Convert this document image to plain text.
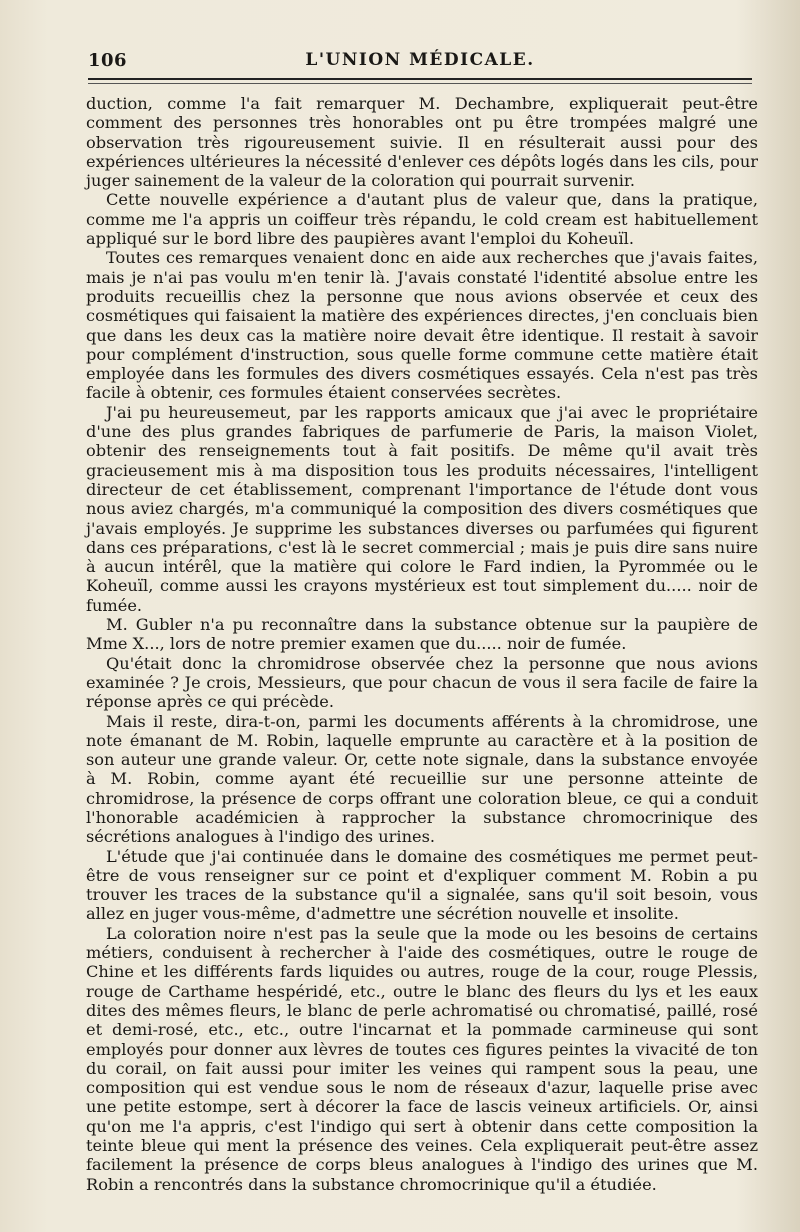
106	L'UNION MÉDICALE.

duction, comme l'a fait remarquer M. Dechambre, expliquerait peut-être comment des personnes très honorables ont pu être trompées malgré une observation très rigoureusement suivie. Il en résulterait aussi pour des expériences ultérieures la nécessité d'enlever ces dépôts logés dans les cils, pour juger sainement de la valeur de la coloration qui pourrait survenir.

Cette nouvelle expérience a d'autant plus de valeur que, dans la pratique, comme me l'a appris un coiffeur très répandu, le cold cream est habituellement appliqué sur le bord libre des paupières avant l'emploi du Koheuïl.

Toutes ces remarques venaient donc en aide aux recherches que j'avais faites, mais je n'ai pas voulu m'en tenir là. J'avais constaté l'identité absolue entre les produits recueillis chez la personne que nous avions observée et ceux des cosmétiques qui faisaient la matière des expériences directes, j'en concluais bien que dans les deux cas la matière noire devait être identique. Il restait à savoir pour complément d'instruction, sous quelle forme commune cette matière était employée dans les formules des divers cosmétiques essayés. Cela n'est pas très facile à obtenir, ces formules étaient conservées secrètes.

J'ai pu heureusemeut, par les rapports amicaux que j'ai avec le propriétaire d'une des plus grandes fabriques de parfumerie de Paris, la maison Violet, obtenir des renseignements tout à fait positifs. De même qu'il avait très gracieusement mis à ma disposition tous les produits nécessaires, l'intelligent directeur de cet établissement, comprenant l'importance de l'étude dont vous nous aviez chargés, m'a communiqué la composition des divers cosmétiques que j'avais employés. Je supprime les substances diverses ou parfumées qui figurent dans ces préparations, c'est là le secret commercial ; mais je puis dire sans nuire à aucun intérêl, que la matière qui colore le Fard indien, la Pyrommée ou le Koheuïl, comme aussi les crayons mystérieux est tout simplement du..... noir de fumée.

M. Gubler n'a pu reconnaître dans la substance obtenue sur la paupière de Mme X..., lors de notre premier examen que du..... noir de fumée.

Qu'était donc la chromidrose observée chez la personne que nous avions examinée ? Je crois, Messieurs, que pour chacun de vous il sera facile de faire la réponse après ce qui précède.

Mais il reste, dira-t-on, parmi les documents afférents à la chromidrose, une note émanant de M. Robin, laquelle emprunte au caractère et à la position de son auteur une grande valeur. Or, cette note signale, dans la substance envoyée à M. Robin, comme ayant été recueillie sur une personne atteinte de chromidrose, la présence de corps offrant une coloration bleue, ce qui a conduit l'honorable académicien à rapprocher la substance chromocrinique des sécrétions analogues à l'indigo des urines.

L'étude que j'ai continuée dans le domaine des cosmétiques me permet peut-être de vous renseigner sur ce point et d'expliquer comment M. Robin a pu trouver les traces de la substance qu'il a signalée, sans qu'il soit besoin, vous allez en juger vous-même, d'admettre une sécrétion nouvelle et insolite.

La coloration noire n'est pas la seule que la mode ou les besoins de certains métiers, conduisent à rechercher à l'aide des cosmétiques, outre le rouge de Chine et les différents fards liquides ou autres, rouge de la cour, rouge Plessis, rouge de Carthame hespéridé, etc., outre le blanc des fleurs du lys et les eaux dites des mêmes fleurs, le blanc de perle achromatisé ou chromatisé, paillé, rosé et demi-rosé, etc., etc., outre l'incarnat et la pommade carmineuse qui sont employés pour donner aux lèvres de toutes ces figures peintes la vivacité de ton du corail, on fait aussi pour imiter les veines qui rampent sous la peau, une composition qui est vendue sous le nom de réseaux d'azur, laquelle prise avec une petite estompe, sert à décorer la face de lascis veineux artificiels. Or, ainsi qu'on me l'a appris, c'est l'indigo qui sert à obtenir dans cette composition la teinte bleue qui ment la présence des veines. Cela expliquerait peut-être assez facilement la présence de corps bleus analogues à l'indigo des urines que M. Robin a rencontrés dans la substance chromocrinique qu'il a étudiée.
